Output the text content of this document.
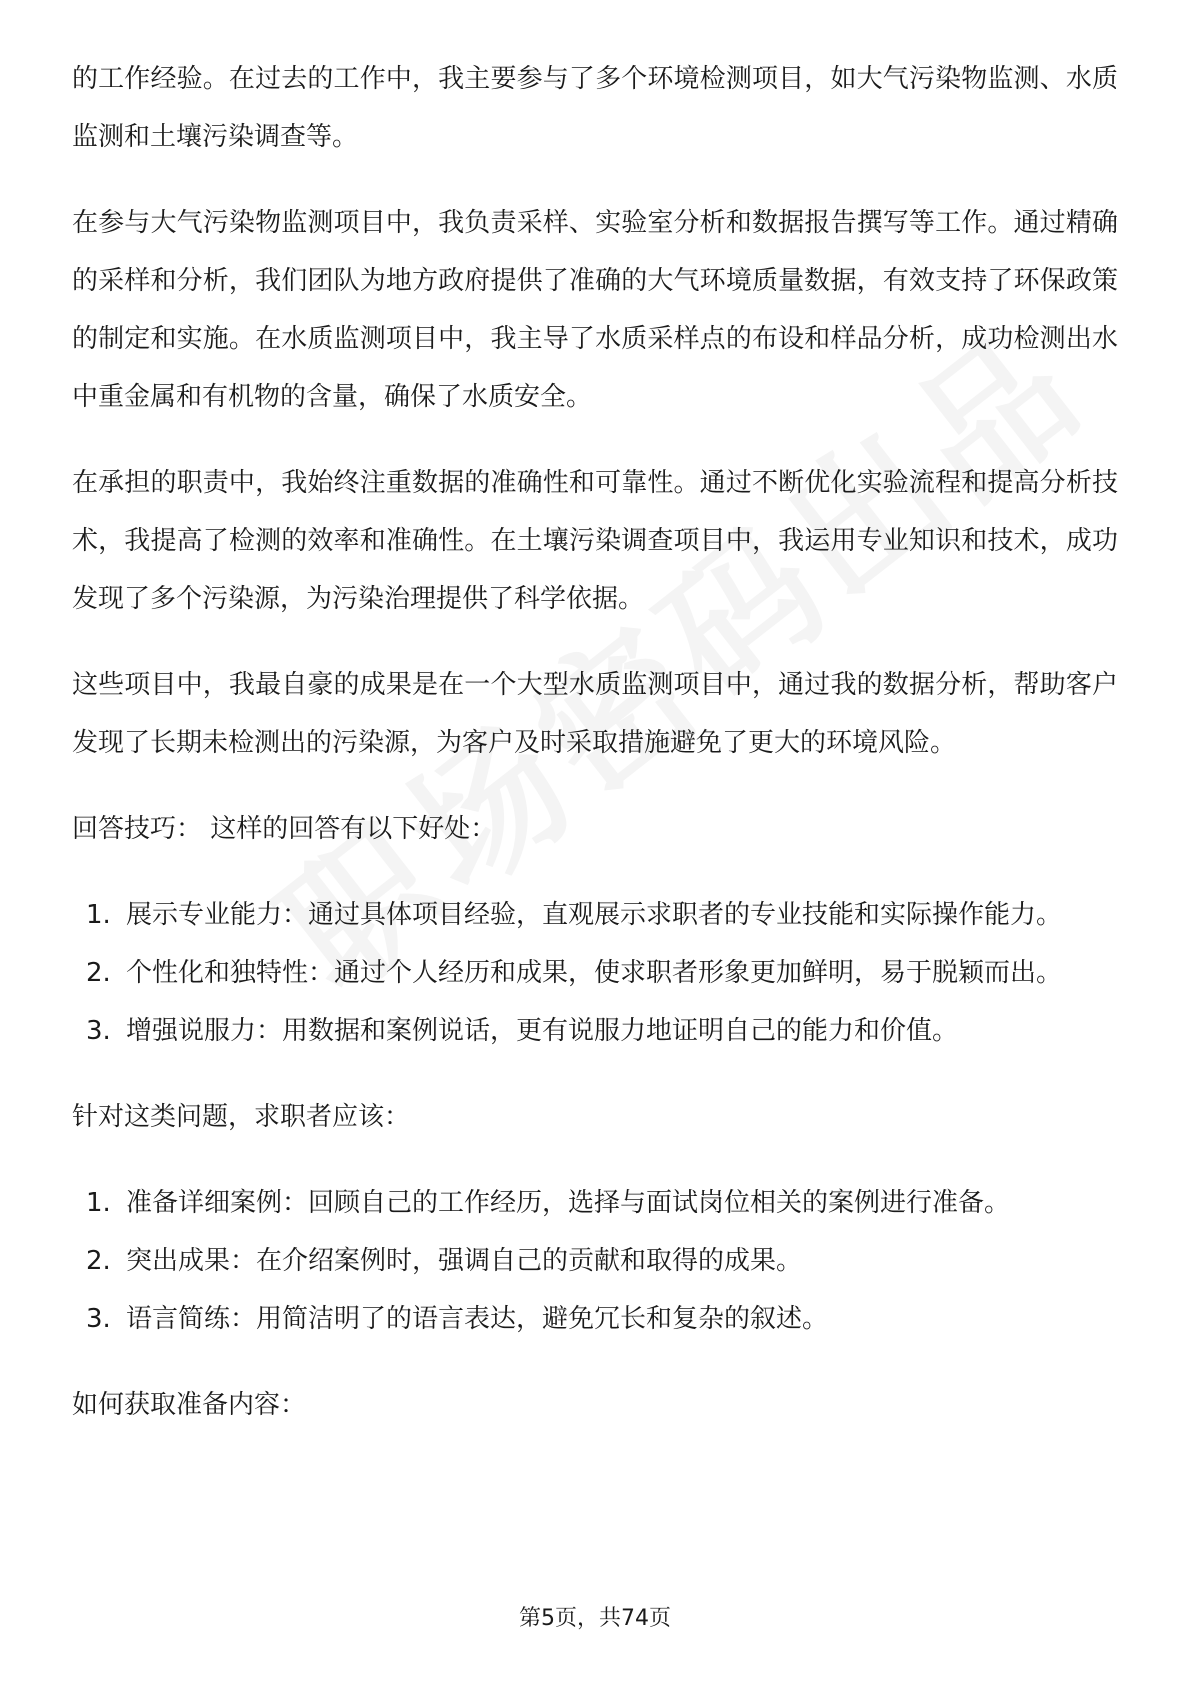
的工作经验。在过去的工作中，我主要参与了多个环境检测项目，如大气污染物监测、水质监测和土壤污染调查等。

在参与大气污染物监测项目中，我负责采样、实验室分析和数据报告撰写等工作。通过精确的采样和分析，我们团队为地方政府提供了准确的大气环境质量数据，有效支持了环保政策的制定和实施。在水质监测项目中，我主导了水质采样点的布设和样品分析，成功检测出水中重金属和有机物的含量，确保了水质安全。

在承担的职责中，我始终注重数据的准确性和可靠性。通过不断优化实验流程和提高分析技术，我提高了检测的效率和准确性。在土壤污染调查项目中，我运用专业知识和技术，成功发现了多个污染源，为污染治理提供了科学依据。

这些项目中，我最自豪的成果是在一个大型水质监测项目中，通过我的数据分析，帮助客户发现了长期未检测出的污染源，为客户及时采取措施避免了更大的环境风险。

回答技巧： 这样的回答有以下好处：

1. 展示专业能力：通过具体项目经验，直观展示求职者的专业技能和实际操作能力。
2. 个性化和独特性：通过个人经历和成果，使求职者形象更加鲜明，易于脱颖而出。
3. 增强说服力：用数据和案例说话，更有说服力地证明自己的能力和价值。

针对这类问题，求职者应该：

1. 准备详细案例：回顾自己的工作经历，选择与面试岗位相关的案例进行准备。
2. 突出成果：在介绍案例时，强调自己的贡献和取得的成果。
3. 语言简练：用简洁明了的语言表达，避免冗长和复杂的叙述。

如何获取准备内容：

第5页，共74页
